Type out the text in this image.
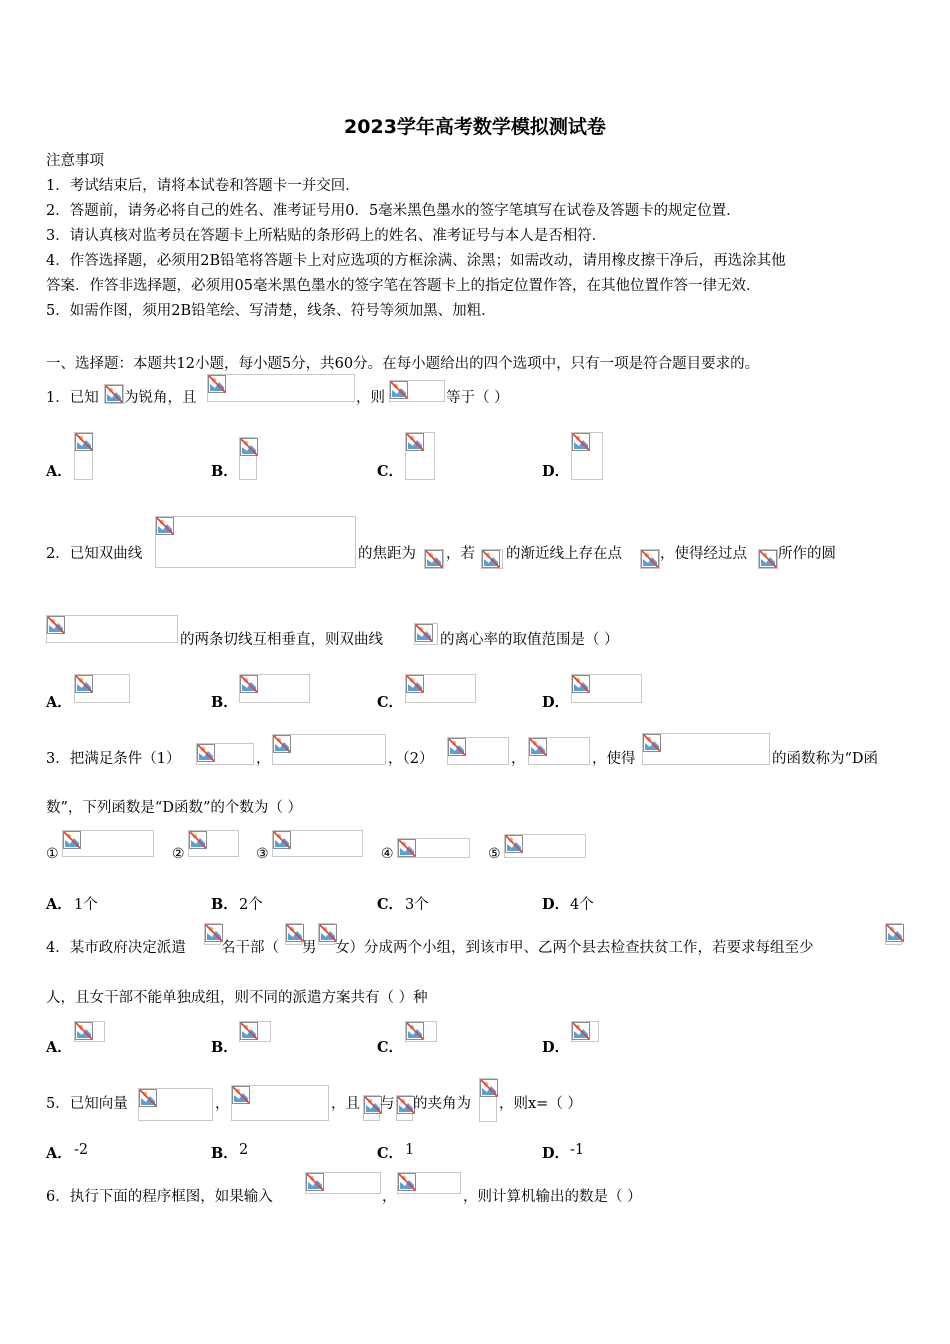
2023学年高考数学模拟测试卷
注意事项
1．考试结束后，请将本试卷和答题卡一并交回．
2．答题前，请务必将自己的姓名、准考证号用0．5毫米黑色墨水的签字笔填写在试卷及答题卡的规定位置．
3．请认真核对监考员在答题卡上所粘贴的条形码上的姓名、准考证号与本人是否相符．
4．作答选择题，必须用2B铅笔将答题卡上对应选项的方框涂满、涂黑；如需改动，请用橡皮擦干净后，再选涂其他
答案．作答非选择题，必须用05毫米黑色墨水的签字笔在答题卡上的指定位置作答，在其他位置作答一律无效．
5．如需作图，须用2B铅笔绘、写清楚，线条、符号等须加黑、加粗．
一、选择题：本题共12小题，每小题5分，共60分。在每小题给出的四个选项中，只有一项是符合题目要求的。
1．已知 为锐角，且	，则	等于（ ）
A．	B．	C．	D．
2．已知双曲线	的焦距为 ，若 的渐近线上存在点	，使得经过点 所作的圆
的两条切线互相垂直，则双曲线	的离心率的取值范围是（ ）
A．	B．	C．	D．
3．把满足条件（1）	，	，（2）	，	，使得	的函数称为“D函
数”，下列函数是“D函数”的个数为（ ）
①	②	③	④	⑤
A． 1个	B． 2个	C． 3个	D． 4个
4．某市政府决定派遣 名干部（ 男 女）分成两个小组，到该市甲、乙两个县去检查扶贫工作，若要求每组至少
人，且女干部不能单独成组，则不同的派遣方案共有（ ）种
A．	B．	C．	D．
5．已知向量	，	，且 与 的夹角为 ，则x=（ ）
A． -2	B． 2	C． 1	D． -1
6．执行下面的程序框图，如果输入	，	，则计算机输出的数是（ ）
